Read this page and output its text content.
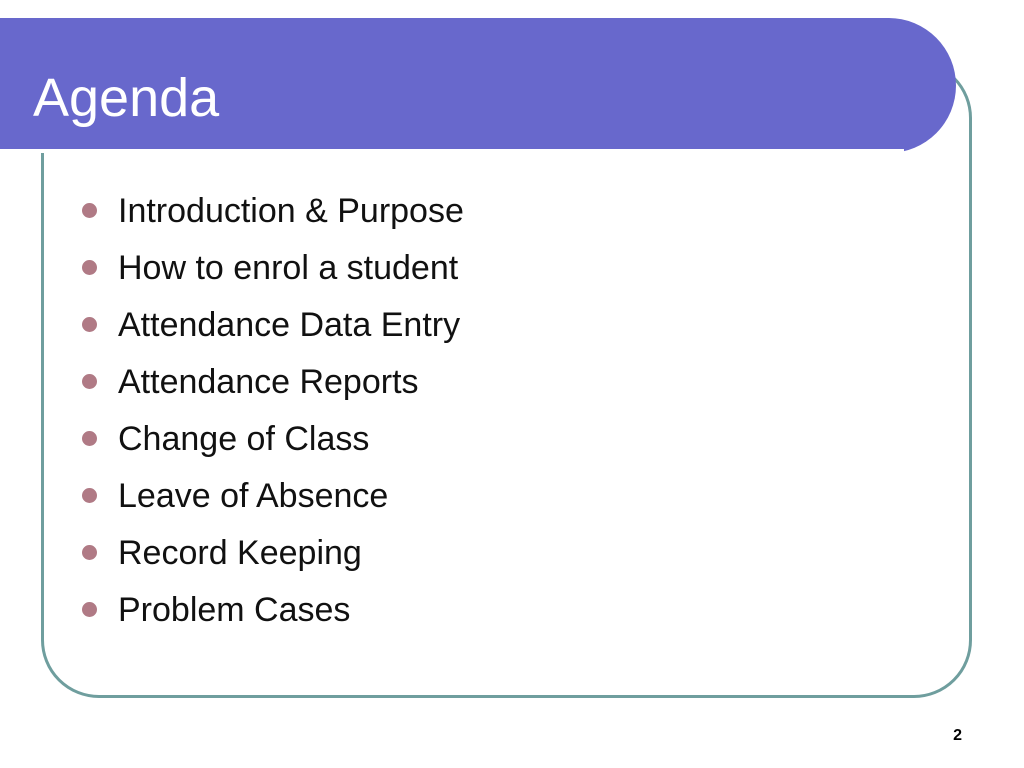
Agenda
Introduction & Purpose
How to enrol a student
Attendance Data Entry
Attendance Reports
Change of Class
Leave of Absence
Record Keeping
Problem Cases
2
